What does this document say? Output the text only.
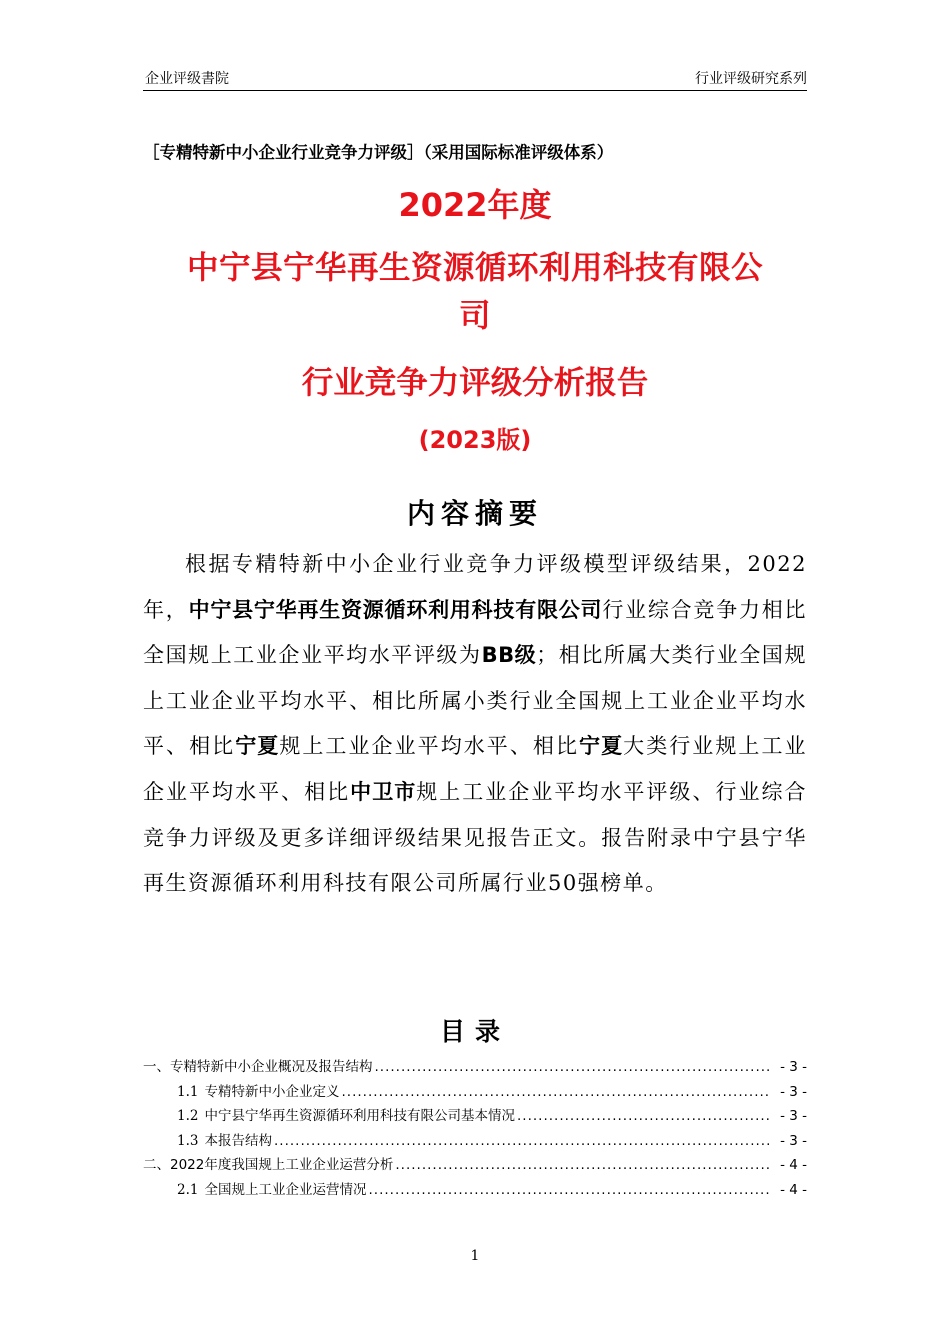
企业评级書院	行业评级研究系列
［专精特新中小企业行业竞争力评级］（采用国际标准评级体系）
2022年度
中宁县宁华再生资源循环利用科技有限公
司
行业竞争力评级分析报告
(2023版)
内容摘要
根据专精特新中小企业行业竞争力评级模型评级结果，2022年，中宁县宁华再生资源循环利用科技有限公司行业综合竞争力相比全国规上工业企业平均水平评级为BB级；相比所属大类行业全国规上工业企业平均水平、相比所属小类行业全国规上工业企业平均水平、相比宁夏规上工业企业平均水平、相比宁夏大类行业规上工业企业平均水平、相比中卫市规上工业企业平均水平评级、行业综合竞争力评级及更多详细评级结果见报告正文。报告附录中宁县宁华再生资源循环利用科技有限公司所属行业50强榜单。
目录
一、专精特新中小企业概况及报告结构 .....	- 3 -
1.1 专精特新中小企业定义 .....	- 3 -
1.2 中宁县宁华再生资源循环利用科技有限公司基本情况 .....	- 3 -
1.3 本报告结构 .....	- 3 -
二、2022年度我国规上工业企业运营分析 .....	- 4 -
2.1 全国规上工业企业运营情况 .....	- 4 -
1
